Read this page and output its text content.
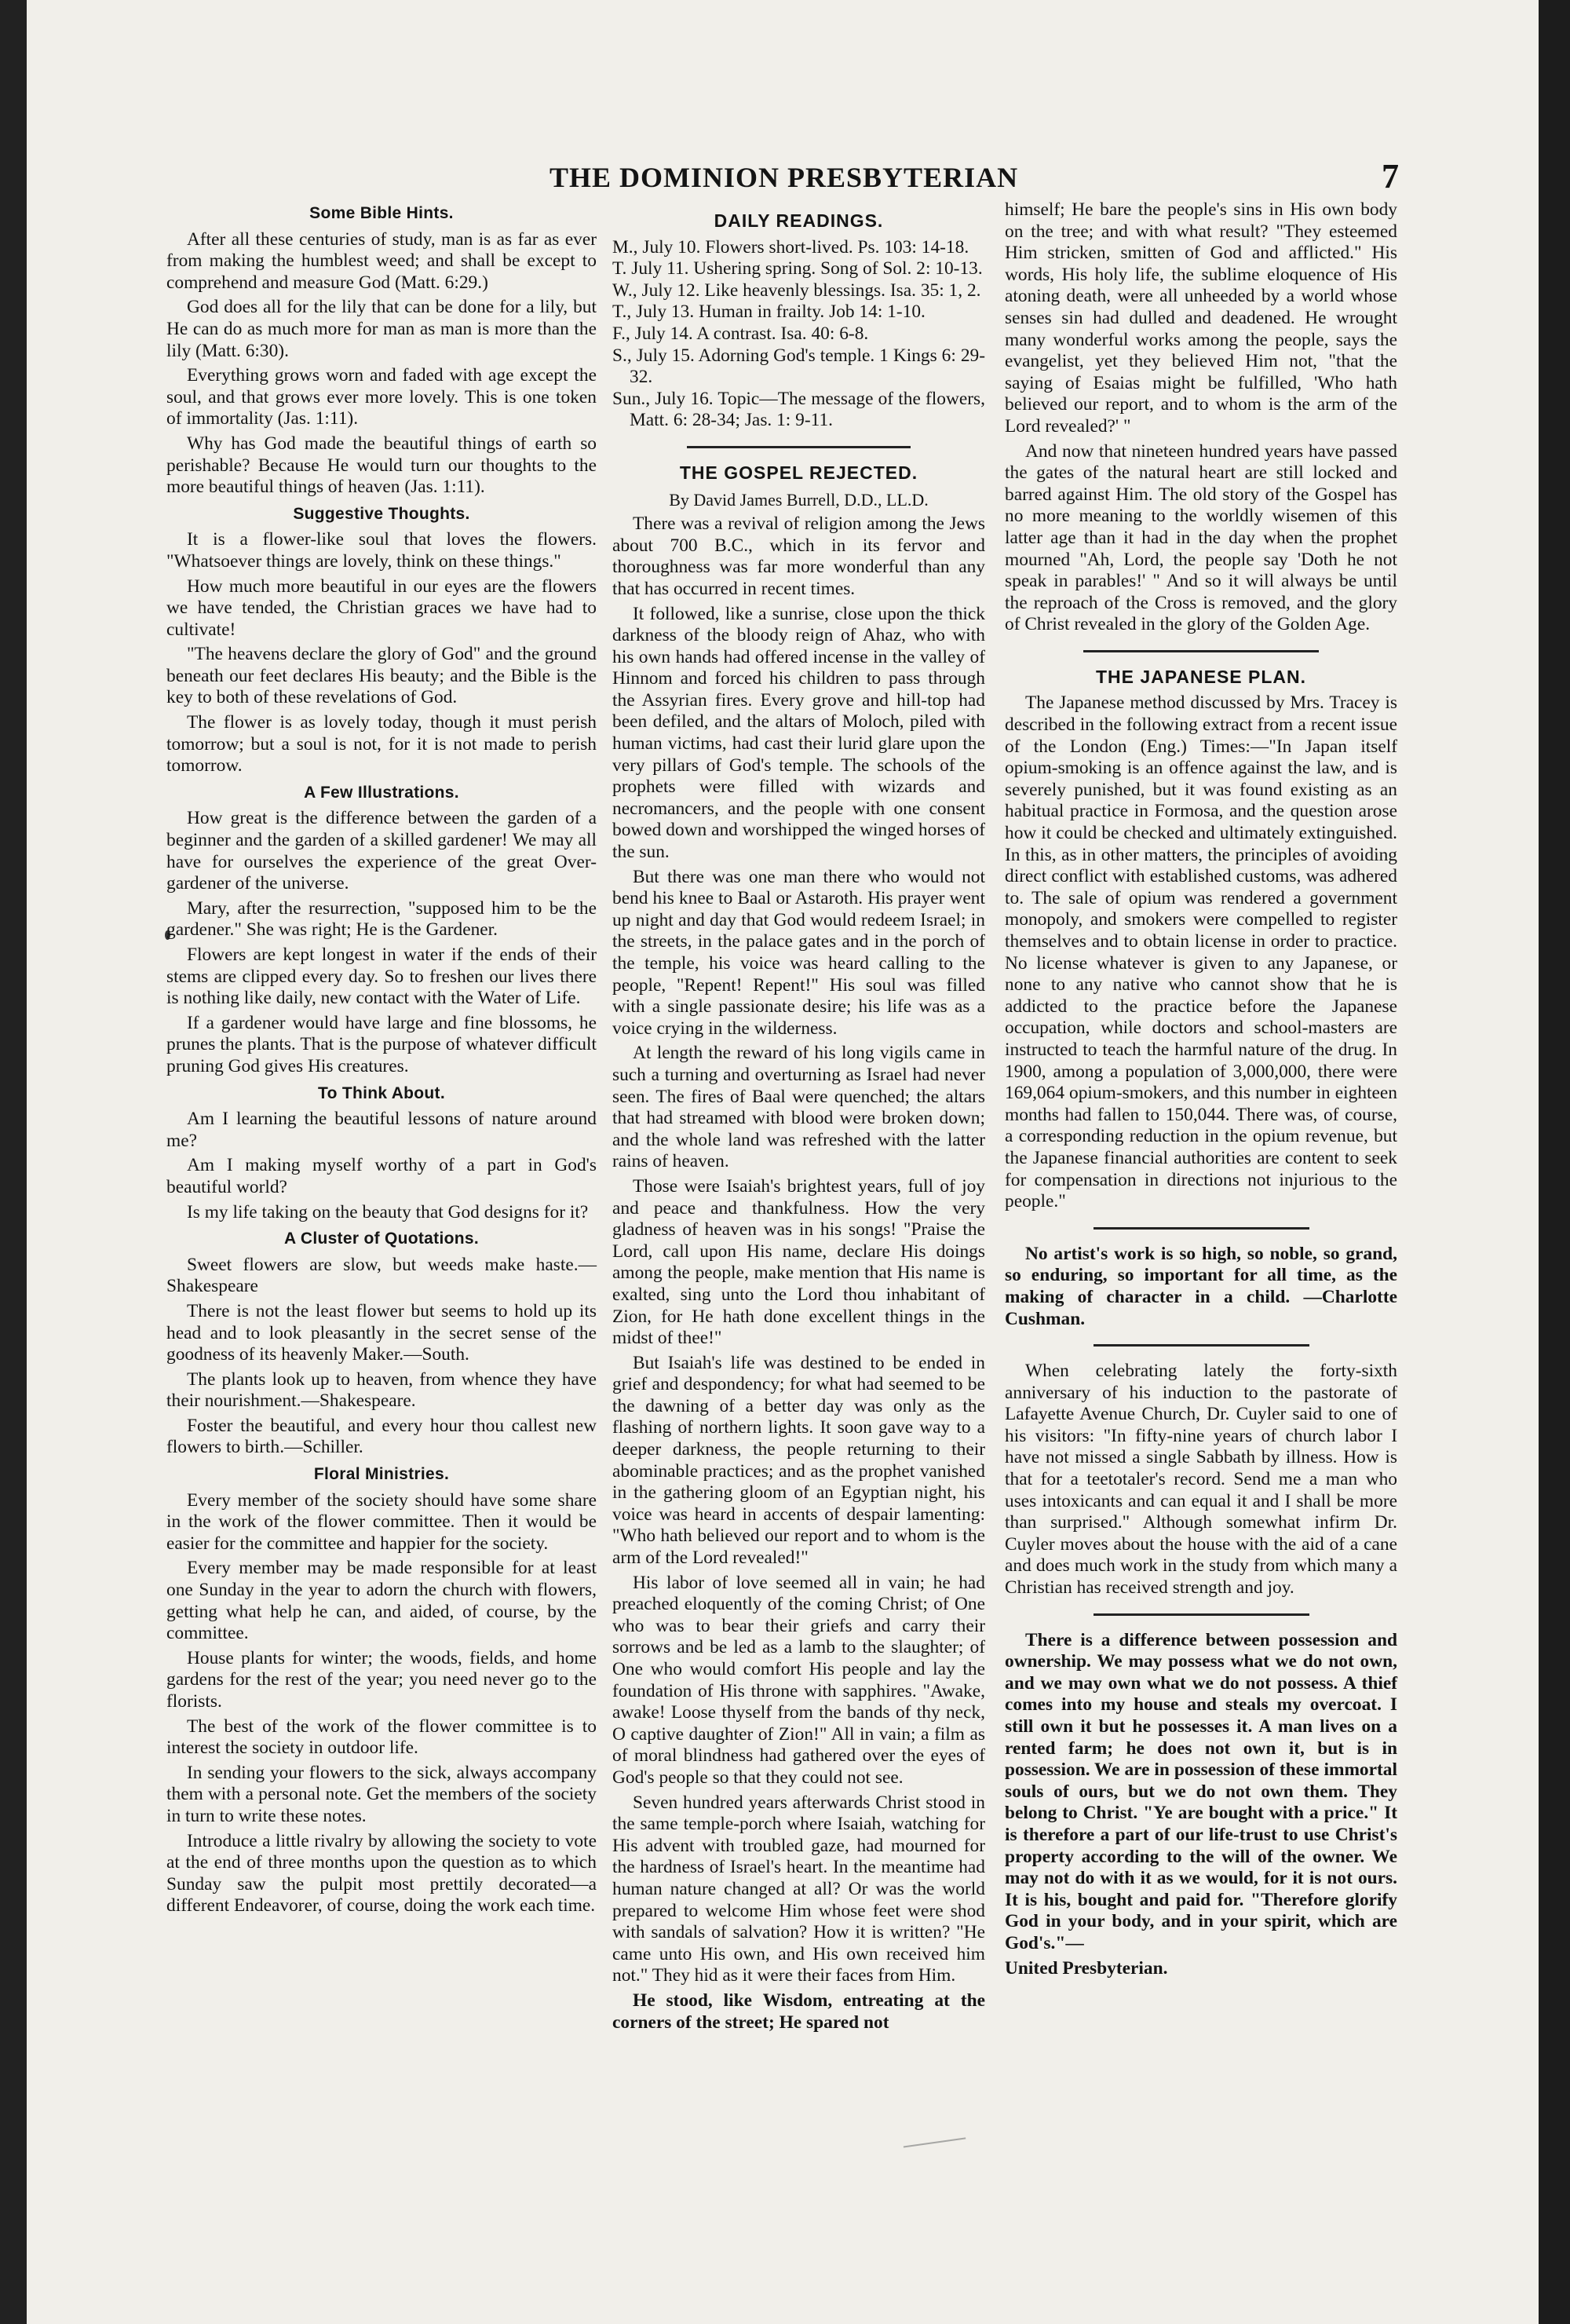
THE DOMINION PRESBYTERIAN	7
Some Bible Hints.

After all these centuries of study, man is as far as ever from making the humblest weed; and shall be except to comprehend and measure God (Matt. 6:29.)

God does all for the lily that can be done for a lily, but He can do as much more for man as man is more than the lily (Matt. 6:30).

Everything grows worn and faded with age except the soul, and that grows ever more lovely. This is one token of immortality (Jas. 1:11).

Why has God made the beautiful things of earth so perishable? Because He would turn our thoughts to the more beautiful things of heaven (Jas. 1:11).

Suggestive Thoughts.

It is a flower-like soul that loves the flowers. "Whatsoever things are lovely, think on these things."

How much more beautiful in our eyes are the flowers we have tended, the Christian graces we have had to cultivate!

"The heavens declare the glory of God" and the ground beneath our feet declares His beauty; and the Bible is the key to both of these revelations of God.

The flower is as lovely today, though it must perish tomorrow; but a soul is not, for it is not made to perish tomorrow.

A Few Illustrations.

How great is the difference between the garden of a beginner and the garden of a skilled gardener! We may all have for ourselves the experience of the great Over-gardener of the universe.

Mary, after the resurrection, "supposed him to be the gardener." She was right; He is the Gardener.

Flowers are kept longest in water if the ends of their stems are clipped every day. So to freshen our lives there is nothing like daily, new contact with the Water of Life.

If a gardener would have large and fine blossoms, he prunes the plants. That is the purpose of whatever difficult pruning God gives His creatures.

To Think About.

Am I learning the beautiful lessons of nature around me?

Am I making myself worthy of a part in God's beautiful world?

Is my life taking on the beauty that God designs for it?

A Cluster of Quotations.

Sweet flowers are slow, but weeds make haste.—Shakespeare

There is not the least flower but seems to hold up its head and to look pleasantly in the secret sense of the goodness of its heavenly Maker.—South.

The plants look up to heaven, from whence they have their nourishment.—Shakespeare.

Foster the beautiful, and every hour thou callest new flowers to birth.—Schiller.

Floral Ministries.

Every member of the society should have some share in the work of the flower committee. Then it would be easier for the committee and happier for the society.

Every member may be made responsible for at least one Sunday in the year to adorn the church with flowers, getting what help he can, and aided, of course, by the committee.

House plants for winter; the woods, fields, and home gardens for the rest of the year; you need never go to the florists.

The best of the work of the flower committee is to interest the society in outdoor life.

In sending your flowers to the sick, always accompany them with a personal note. Get the members of the society in turn to write these notes.

Introduce a little rivalry by allowing the society to vote at the end of three months upon the question as to which Sunday saw the pulpit most prettily decorated—a different Endeavorer, of course, doing the work each time.

DAILY READINGS.

M., July 10. Flowers short-lived. Ps. 103: 14-18.

T. July 11. Ushering spring. Song of Sol. 2: 10-13.

W., July 12. Like heavenly blessings. Isa. 35: 1, 2.

T., July 13. Human in frailty. Job 14: 1-10.

F., July 14. A contrast. Isa. 40: 6-8.

S., July 15. Adorning God's temple. 1 Kings 6: 29-32.

Sun., July 16. Topic—The message of the flowers, Matt. 6: 28-34; Jas. 1: 9-11.

THE GOSPEL REJECTED.

By David James Burrell, D.D., LL.D.

There was a revival of religion among the Jews about 700 B.C., which in its fervor and thoroughness was far more wonderful than any that has occurred in recent times.

It followed, like a sunrise, close upon the thick darkness of the bloody reign of Ahaz, who with his own hands had offered incense in the valley of Hinnom and forced his children to pass through the Assyrian fires. Every grove and hill-top had been defiled, and the altars of Moloch, piled with human victims, had cast their lurid glare upon the very pillars of God's temple. The schools of the prophets were filled with wizards and necromancers, and the people with one consent bowed down and worshipped the winged horses of the sun.

But there was one man there who would not bend his knee to Baal or Astaroth. His prayer went up night and day that God would redeem Israel; in the streets, in the palace gates and in the porch of the temple, his voice was heard calling to the people, "Repent! Repent!" His soul was filled with a single passionate desire; his life was as a voice crying in the wilderness.

At length the reward of his long vigils came in such a turning and overturning as Israel had never seen. The fires of Baal were quenched; the altars that had streamed with blood were broken down; and the whole land was refreshed with the latter rains of heaven.

Those were Isaiah's brightest years, full of joy and peace and thankfulness. How the very gladness of heaven was in his songs! "Praise the Lord, call upon His name, declare His doings among the people, make mention that His name is exalted, sing unto the Lord thou inhabitant of Zion, for He hath done excellent things in the midst of thee!"

But Isaiah's life was destined to be ended in grief and despondency; for what had seemed to be the dawning of a better day was only as the flashing of northern lights. It soon gave way to a deeper darkness, the people returning to their abominable practices; and as the prophet vanished in the gathering gloom of an Egyptian night, his voice was heard in accents of despair lamenting: "Who hath believed our report and to whom is the arm of the Lord revealed!"

His labor of love seemed all in vain; he had preached eloquently of the coming Christ; of One who was to bear their griefs and carry their sorrows and be led as a lamb to the slaughter; of One who would comfort His people and lay the foundation of His throne with sapphires. "Awake, awake! Loose thyself from the bands of thy neck, O captive daughter of Zion!" All in vain; a film as of moral blindness had gathered over the eyes of God's people so that they could not see.

Seven hundred years afterwards Christ stood in the same temple-porch where Isaiah, watching for His advent with troubled gaze, had mourned for the hardness of Israel's heart. In the meantime had human nature changed at all? Or was the world prepared to welcome Him whose feet were shod with sandals of salvation? How it is written? "He came unto His own, and His own received him not." They hid as it were their faces from Him.

He stood, like Wisdom, entreating at the corners of the street; He spared not

himself; He bare the people's sins in His own body on the tree; and with what result? "They esteemed Him stricken, smitten of God and afflicted." His words, His holy life, the sublime eloquence of His atoning death, were all unheeded by a world whose senses sin had dulled and deadened. He wrought many wonderful works among the people, says the evangelist, yet they believed Him not, "that the saying of Esaias might be fulfilled, 'Who hath believed our report, and to whom is the arm of the Lord revealed?' "

And now that nineteen hundred years have passed the gates of the natural heart are still locked and barred against Him. The old story of the Gospel has no more meaning to the worldly wisemen of this latter age than it had in the day when the prophet mourned "Ah, Lord, the people say 'Doth he not speak in parables!' " And so it will always be until the reproach of the Cross is removed, and the glory of Christ revealed in the glory of the Golden Age.

THE JAPANESE PLAN.

The Japanese method discussed by Mrs. Tracey is described in the following extract from a recent issue of the London (Eng.) Times:—"In Japan itself opium-smoking is an offence against the law, and is severely punished, but it was found existing as an habitual practice in Formosa, and the question arose how it could be checked and ultimately extinguished. In this, as in other matters, the principles of avoiding direct conflict with established customs, was adhered to. The sale of opium was rendered a government monopoly, and smokers were compelled to register themselves and to obtain license in order to practice. No license whatever is given to any Japanese, or none to any native who cannot show that he is addicted to the practice before the Japanese occupation, while doctors and school-masters are instructed to teach the harmful nature of the drug. In 1900, among a population of 3,000,000, there were 169,064 opium-smokers, and this number in eighteen months had fallen to 150,044. There was, of course, a corresponding reduction in the opium revenue, but the Japanese financial authorities are content to seek for compensation in directions not injurious to the people."

No artist's work is so high, so noble, so grand, so enduring, so important for all time, as the making of character in a child. —Charlotte Cushman.

When celebrating lately the forty-sixth anniversary of his induction to the pastorate of Lafayette Avenue Church, Dr. Cuyler said to one of his visitors: "In fifty-nine years of church labor I have not missed a single Sabbath by illness. How is that for a teetotaler's record. Send me a man who uses intoxicants and can equal it and I shall be more than surprised." Although somewhat infirm Dr. Cuyler moves about the house with the aid of a cane and does much work in the study from which many a Christian has received strength and joy.

There is a difference between possession and ownership. We may possess what we do not own, and we may own what we do not possess. A thief comes into my house and steals my overcoat. I still own it but he possesses it. A man lives on a rented farm; he does not own it, but is in possession. We are in possession of these immortal souls of ours, but we do not own them. They belong to Christ. "Ye are bought with a price." It is therefore a part of our life-trust to use Christ's property according to the will of the owner. We may not do with it as we would, for it is not ours. It is his, bought and paid for. "Therefore glorify God in your body, and in your spirit, which are God's."—

United Presbyterian.
